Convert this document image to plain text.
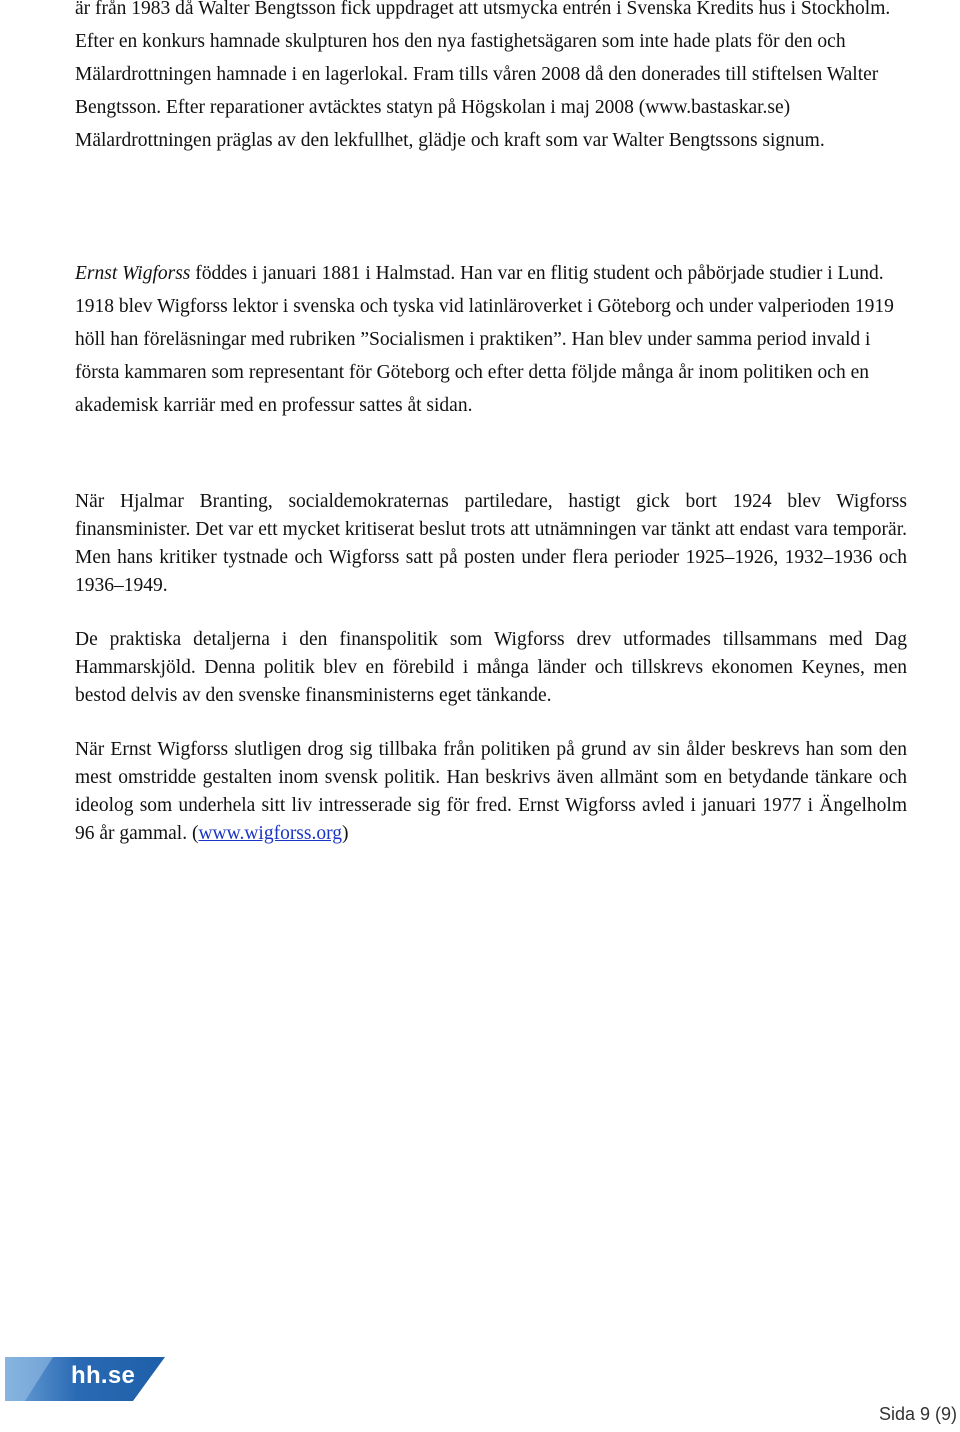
är från 1983 då Walter Bengtsson fick uppdraget att utsmycka entrén i Svenska Kredits hus i Stockholm. Efter en konkurs hamnade skulpturen hos den nya fastighetsägaren som inte hade plats för den och Mälardrottningen hamnade i en lagerlokal. Fram tills våren 2008 då den donerades till stiftelsen Walter Bengtsson. Efter reparationer avtäcktes statyn på Högskolan i maj 2008 (www.bastaskar.se)

Mälardrottningen präglas av den lekfullhet, glädje och kraft som var Walter Bengtssons signum.

Ernst Wigforss föddes i januari 1881 i Halmstad. Han var en flitig student och påbörjade studier i Lund. 1918 blev Wigforss lektor i svenska och tyska vid latinläroverket i Göteborg och under valperioden 1919 höll han föreläsningar med rubriken ”Socialismen i praktiken”. Han blev under samma period invald i första kammaren som representant för Göteborg och efter detta följde många år inom politiken och en akademisk karriär med en professur sattes åt sidan.

När Hjalmar Branting, socialdemokraternas partiledare, hastigt gick bort 1924 blev Wigforss finansminister. Det var ett mycket kritiserat beslut trots att utnämningen var tänkt att endast vara temporär. Men hans kritiker tystnade och Wigforss satt på posten under flera perioder 1925–1926, 1932–1936 och 1936–1949.

De praktiska detaljerna i den finanspolitik som Wigforss drev utformades tillsammans med Dag Hammarskjöld. Denna politik blev en förebild i många länder och tillskrevs ekonomen Keynes, men bestod delvis av den svenske finansministerns eget tänkande.

När Ernst Wigforss slutligen drog sig tillbaka från politiken på grund av sin ålder beskrevs han som den mest omstridde gestalten inom svensk politik. Han beskrivs även allmänt som en betydande tänkare och ideolog som underhela sitt liv intresserade sig för fred. Ernst Wigforss avled i januari 1977 i Ängelholm 96 år gammal. (www.wigforss.org)

hh.se
Sida 9 (9)
